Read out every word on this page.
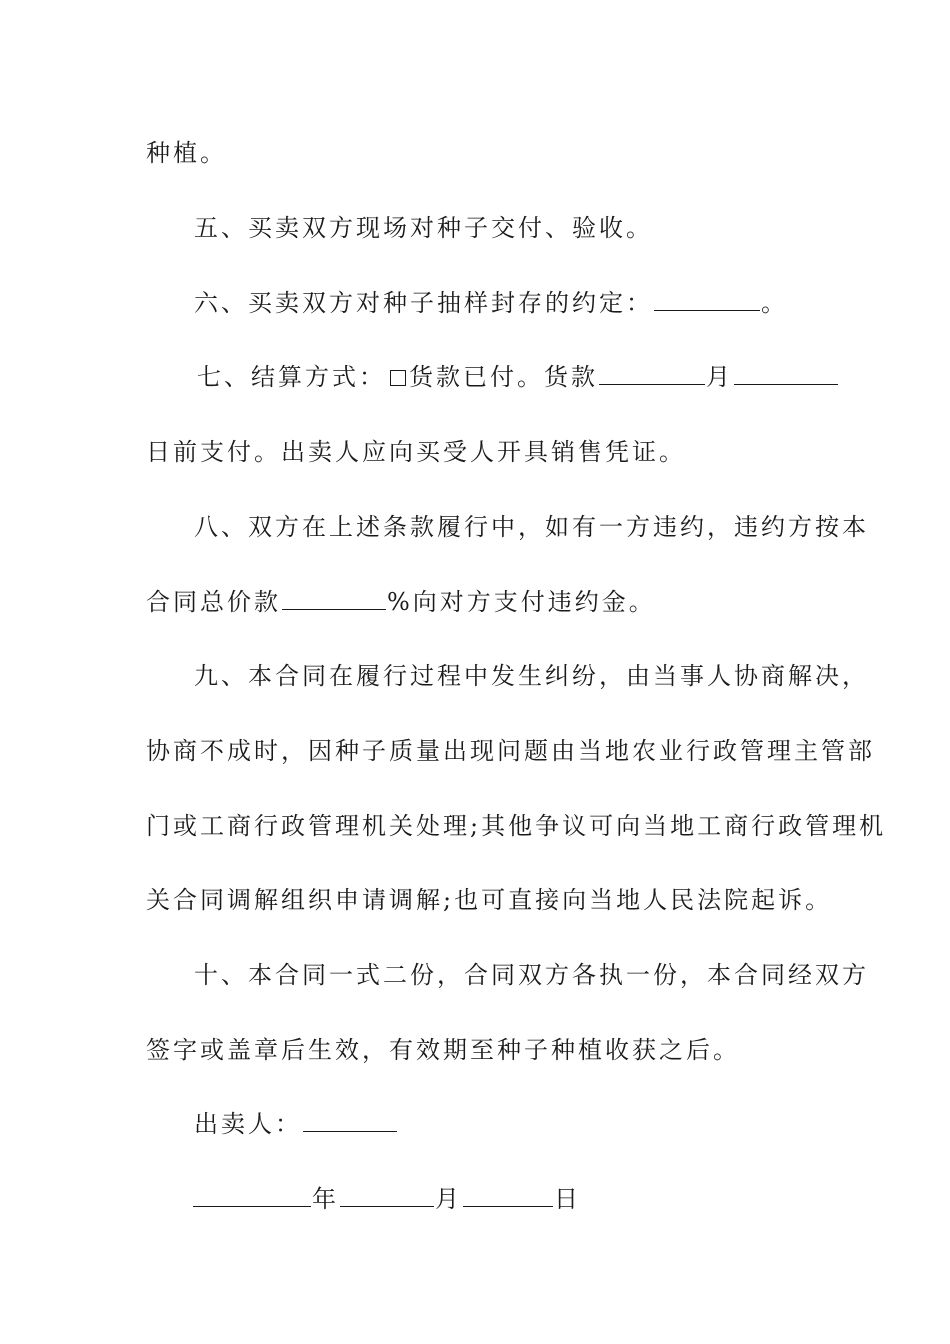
种植。
五、买卖双方现场对种子交付、验收。
六、买卖双方对种子抽样封存的约定：	。
七、结算方式： 货款已付。货款	月
日前支付。出卖人应向买受人开具销售凭证。
八、双方在上述条款履行中，如有一方违约，违约方按本
合同总价款	%向对方支付违约金。
九、本合同在履行过程中发生纠纷，由当事人协商解决，
协商不成时，因种子质量出现问题由当地农业行政管理主管部
门或工商行政管理机关处理;其他争议可向当地工商行政管理机
关合同调解组织申请调解;也可直接向当地人民法院起诉。
十、本合同一式二份，合同双方各执一份，本合同经双方
签字或盖章后生效，有效期至种子种植收获之后。
出卖人：
年	月	日
